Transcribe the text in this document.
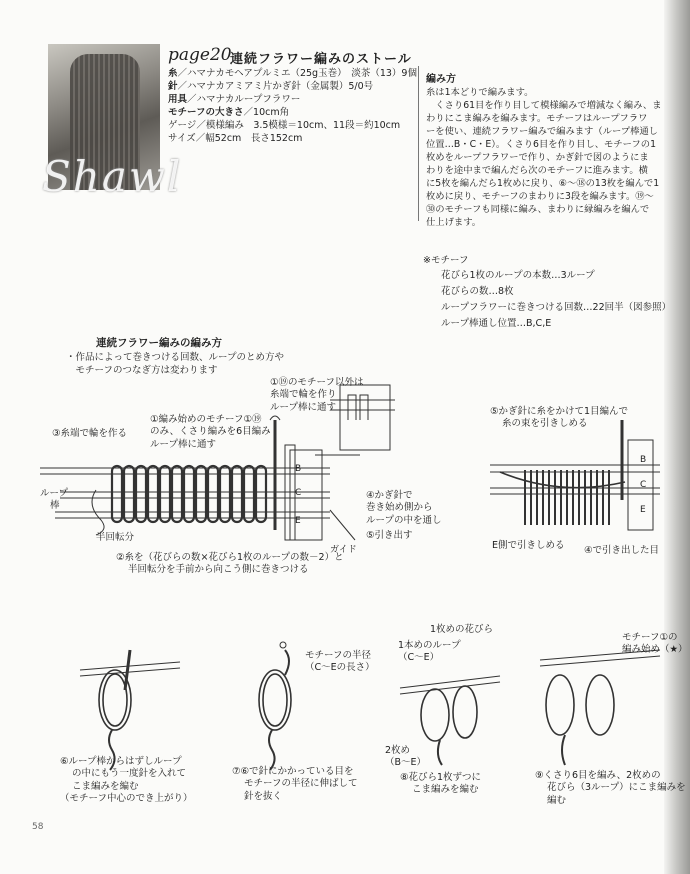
Shawl
page20
連続フラワー編みのストール
糸／ハマナカモヘアプルミエ（25g玉巻）　淡茶（13）9個
針／ハマナカアミアミ片かぎ針（金属製）5/0号
用具／ハマナカループフラワー
モチーフの大きさ／10cm角
ゲージ／模様編み　3.5模様＝10cm、11段＝約10cm
サイズ／幅52cm　長さ152cm
編み方
糸は1本どりで編みます。
　くさり61目を作り目して模様編みで増減なく編み、ま
わりにこま編みを編みます。モチーフはループフラワ
ーを使い、連続フラワー編みで編みます（ループ棒通し
位置…B・C・E）。くさり6目を作り目し、モチーフの1
枚めをループフラワーで作り、かぎ針で図のようにま
わりを途中まで編んだら次のモチーフに進みます。横
に5枚を編んだら1枚めに戻り、⑥～⑱の13枚を編んで1
枚めに戻り、モチーフのまわりに3段を編みます。⑲～
㉚のモチーフも同様に編み、まわりに縁編みを編んで
仕上げます。
※モチーフ
花びら1枚のループの本数…3ループ
花びらの数…8枚
ループフラワーに巻きつける回数…22回半（図参照）
ループ棒通し位置…B,C,E
連続フラワー編みの編み方
・作品によって巻きつける回数、ループのとめ方や
　モチーフのつなぎ方は変わります
①⑲のモチーフ以外は
糸端で輪を作り
ループ棒に通す
①編み始めのモチーフ①⑲
のみ、くさり編みを6目編み
ループ棒に通す
③糸端で輪を作る
ループ
棒
半回転分
②糸を（花びらの数×花びら1枚のループの数－2）と
半回転分を手前から向こう側に巻きつける
④かぎ針で
巻き始め側から
ループの中を通し
⑤引き出す
ガイド
B
C
E
⑤かぎ針に糸をかけて1目編んで
糸の束を引きしめる
E側で引きしめる ④で引き出した目
B
C
E
⑥ループ棒からはずしループ
の中にもう一度針を入れて
こま編みを編む
（モチーフ中心のでき上がり）
モチーフの半径
（C～Eの長さ）
⑦⑥で針にかかっている目を
モチーフの半径に伸ばして
針を抜く
1枚めの花びら
1本めのループ
（C～E）
2枚め
（B～E）
⑧花びら1枚ずつに
こま編みを編む
モチーフ①の
編み始め（★）
⑨くさり6目を編み、2枚めの
花びら（3ループ）にこま編みを
編む
58
